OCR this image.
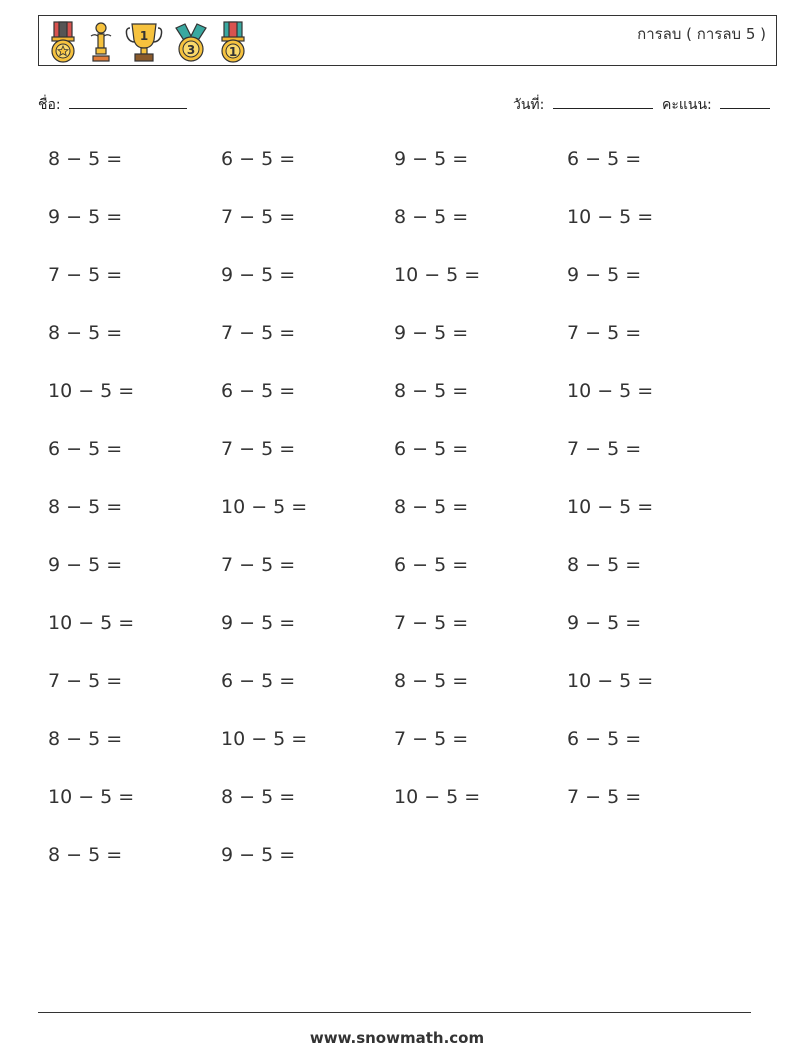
1
3	1
การลบ ( การลบ 5 )
ชื่อ:	วันที่:	คะแนน:
8 − 5 =	6 − 5 =	9 − 5 =	6 − 5 =
9 − 5 =	7 − 5 =	8 − 5 =	10 − 5 =
7 − 5 =	9 − 5 =	10 − 5 =	9 − 5 =
8 − 5 =	7 − 5 =	9 − 5 =	7 − 5 =
10 − 5 =	6 − 5 =	8 − 5 =	10 − 5 =
6 − 5 =	7 − 5 =	6 − 5 =	7 − 5 =
8 − 5 =	10 − 5 =	8 − 5 =	10 − 5 =
9 − 5 =	7 − 5 =	6 − 5 =	8 − 5 =
10 − 5 =	9 − 5 =	7 − 5 =	9 − 5 =
7 − 5 =	6 − 5 =	8 − 5 =	10 − 5 =
8 − 5 =	10 − 5 =	7 − 5 =	6 − 5 =
10 − 5 =	8 − 5 =	10 − 5 =	7 − 5 =
8 − 5 =	9 − 5 =
www.snowmath.com
